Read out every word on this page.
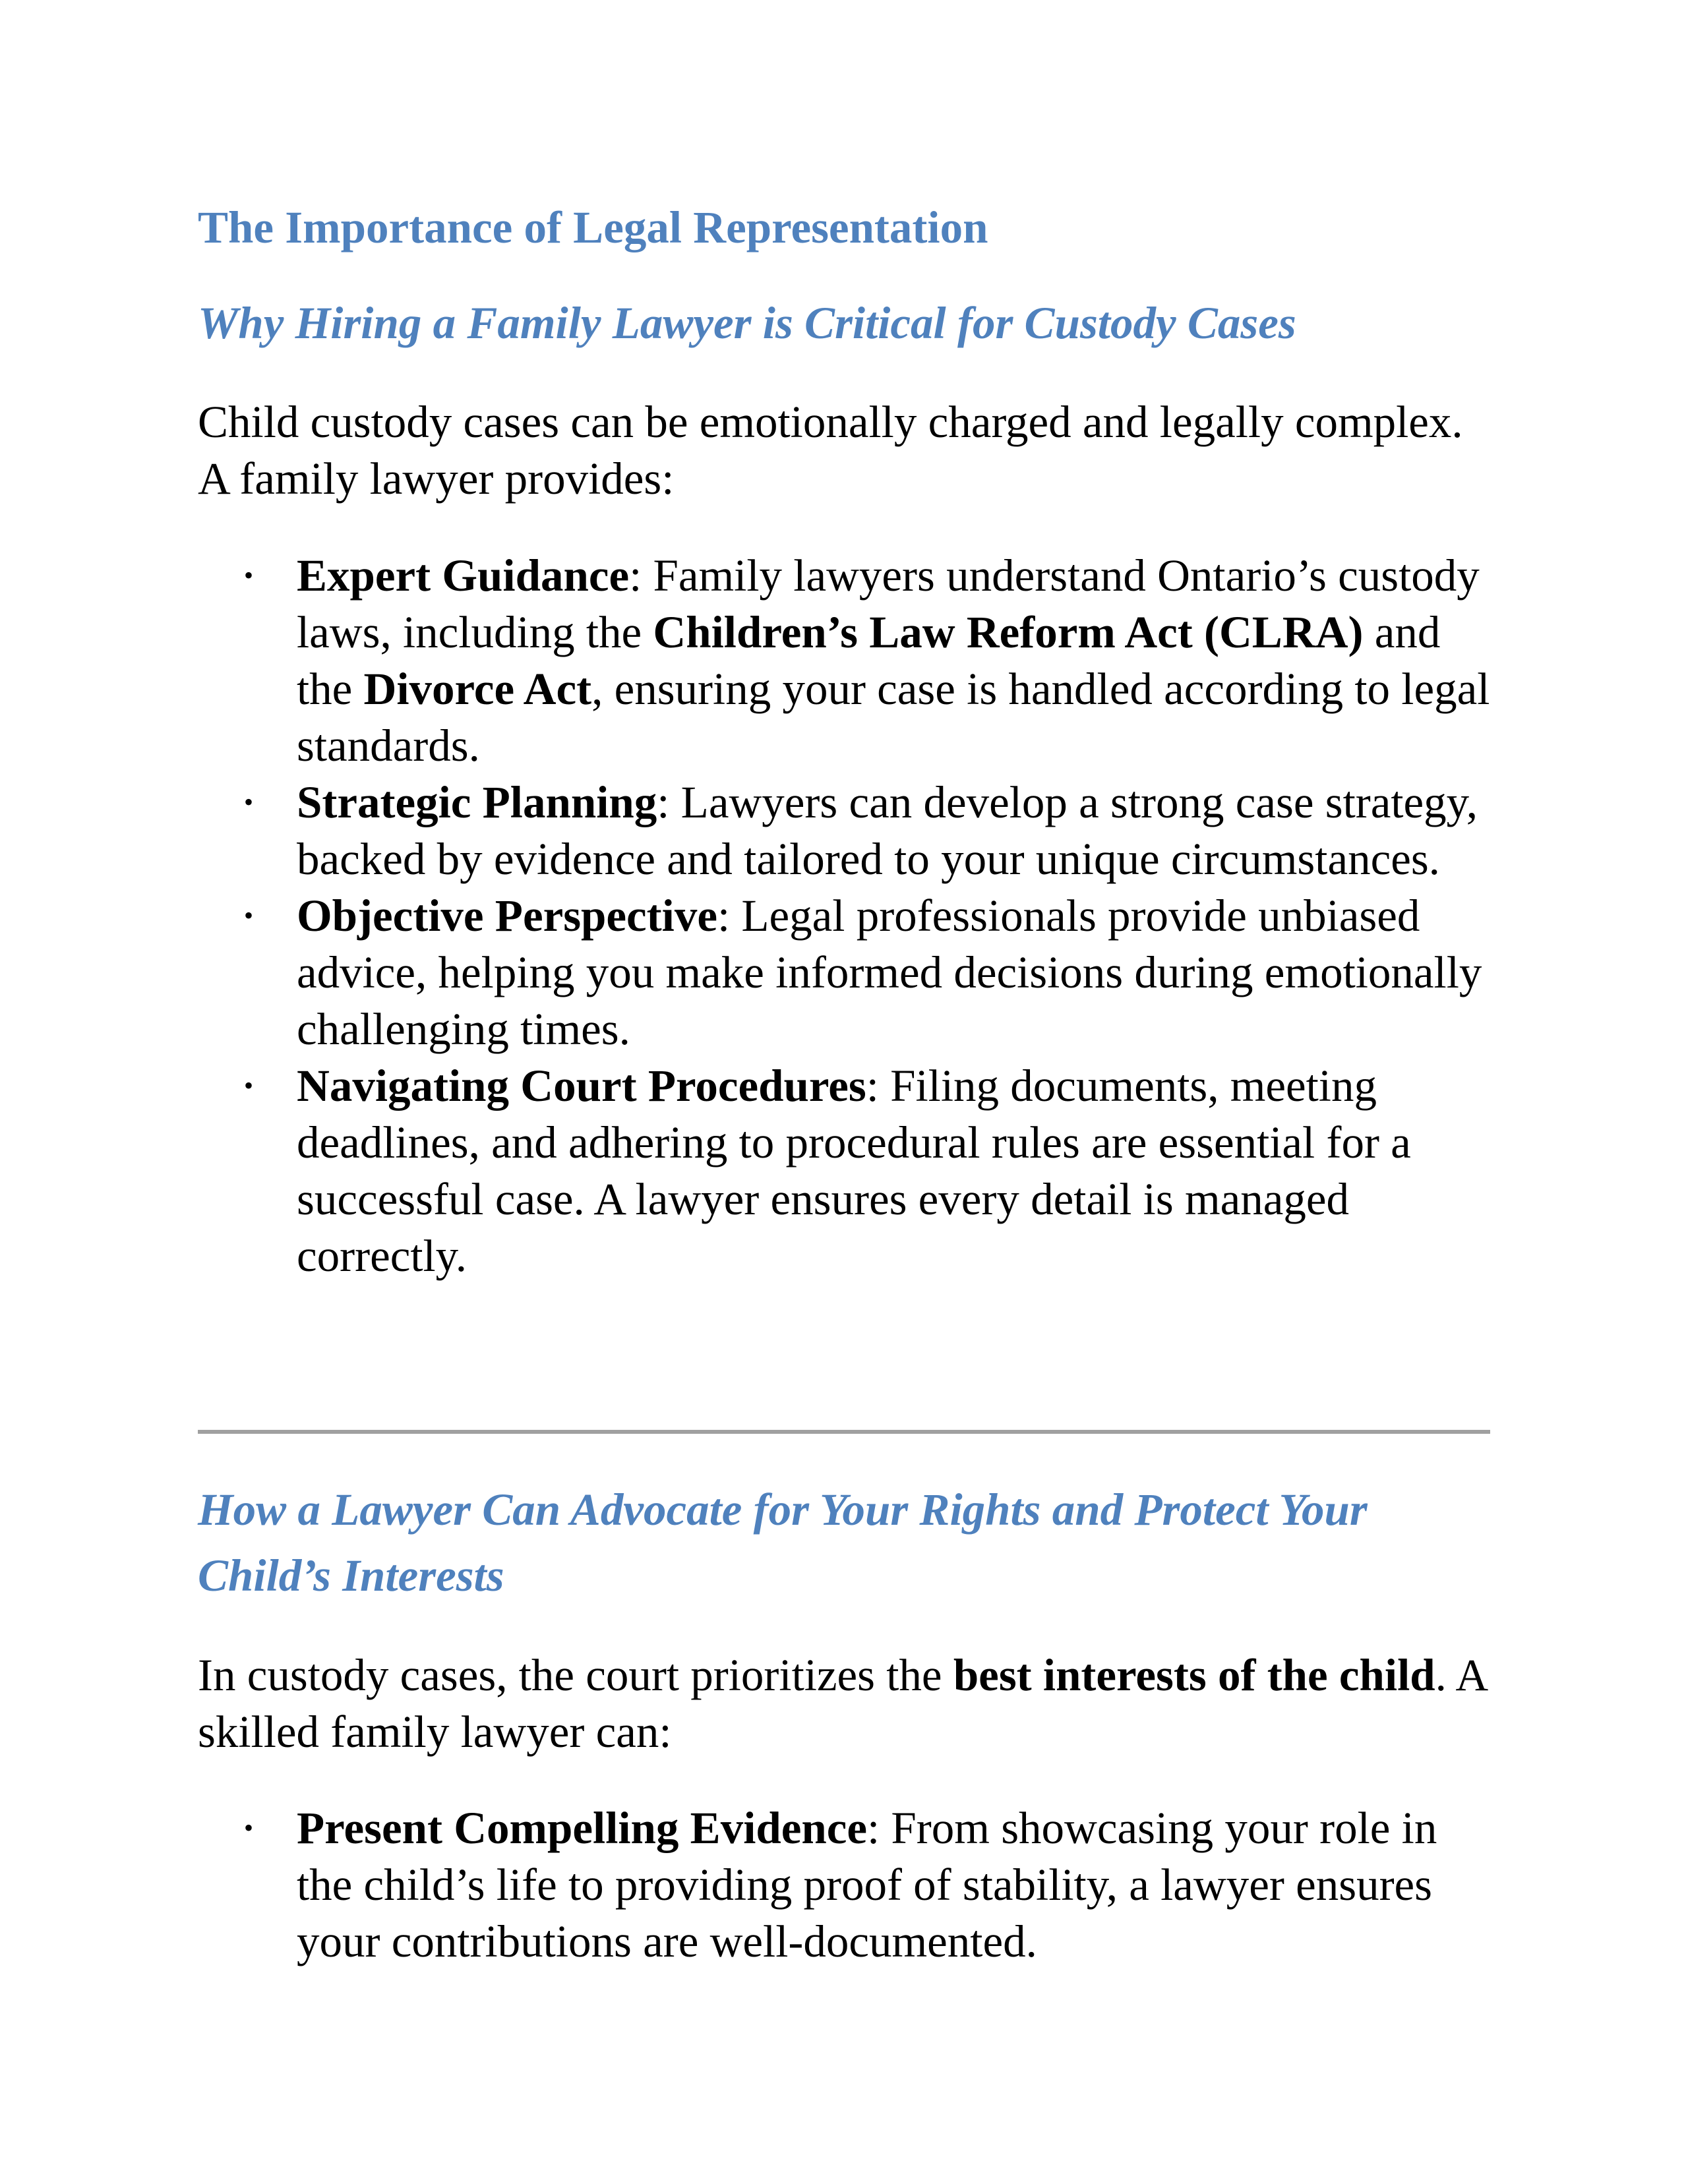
The Importance of Legal Representation
Why Hiring a Family Lawyer is Critical for Custody Cases

Child custody cases can be emotionally charged and legally complex. A family lawyer provides:

• Expert Guidance: Family lawyers understand Ontario’s custody laws, including the Children’s Law Reform Act (CLRA) and the Divorce Act, ensuring your case is handled according to legal standards.
• Strategic Planning: Lawyers can develop a strong case strategy, backed by evidence and tailored to your unique circumstances.
• Objective Perspective: Legal professionals provide unbiased advice, helping you make informed decisions during emotionally challenging times.
• Navigating Court Procedures: Filing documents, meeting deadlines, and adhering to procedural rules are essential for a successful case. A lawyer ensures every detail is managed correctly.
How a Lawyer Can Advocate for Your Rights and Protect Your Child’s Interests

In custody cases, the court prioritizes the best interests of the child. A skilled family lawyer can:

• Present Compelling Evidence: From showcasing your role in the child’s life to providing proof of stability, a lawyer ensures your contributions are well-documented.
